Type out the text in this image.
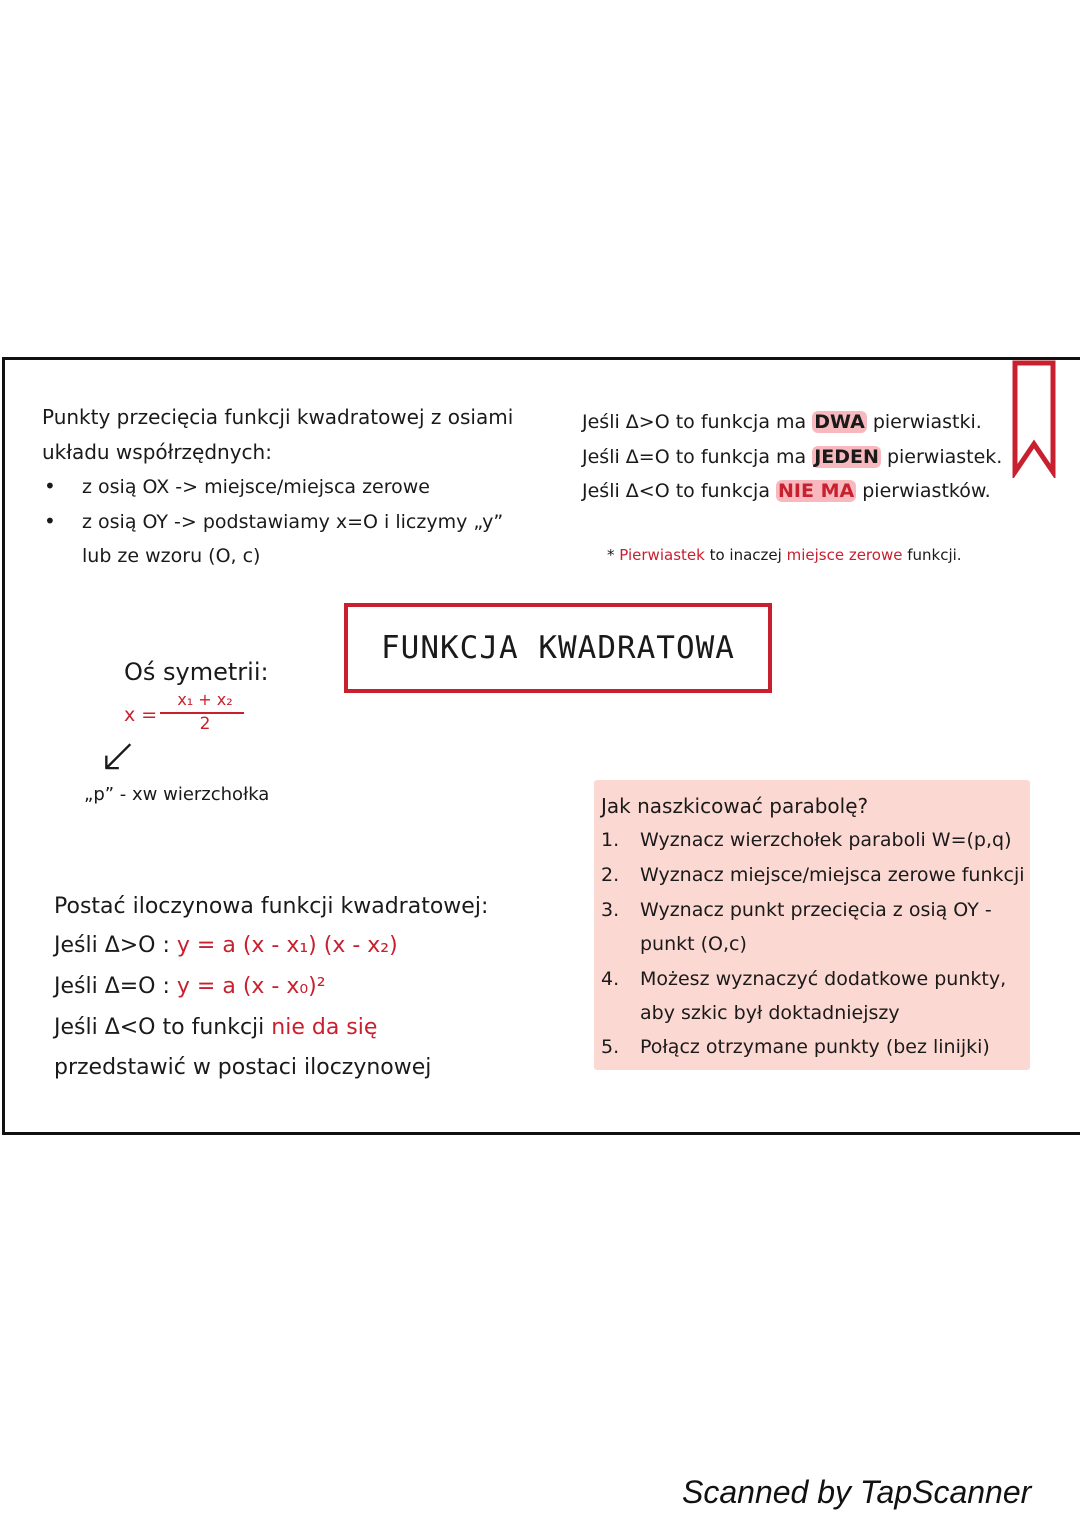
Punkty przecięcia funkcji kwadratowej z osiami
układu współrzędnych:
• z osią OX -> miejsce/miejsca zerowe
• z osią OY -> podstawiamy x=O i liczymy „y”
lub ze wzoru (O, c)
Jeśli Δ>O to funkcja ma DWA pierwiastki.
Jeśli Δ=O to funkcja ma JEDEN pierwiastek.
Jeśli Δ<O to funkcja NIE MA pierwiastków.
* Pierwiastek to inaczej miejsce zerowe funkcji.
FUNKCJA KWADRATOWA
Oś symetrii:
x =
x₁ + x₂
2
↙
„p” - xw wierzchołka	Jak naszkicować parabolę?
1. Wyznacz wierzchołek paraboli W=(p,q)
2. Wyznacz miejsce/miejsca zerowe funkcji
3. Wyznacz punkt przecięcia z osią OY -
punkt (O,c)
4. Możesz wyznaczyć dodatkowe punkty,
aby szkic był doktadniejszy
5. Połącz otrzymane punkty (bez linijki)
Postać iloczynowa funkcji kwadratowej:
Jeśli Δ>O : y = a (x - x₁) (x - x₂)
Jeśli Δ=O : y = a (x - x₀)²
Jeśli Δ<O to funkcji nie da się
przedstawić w postaci iloczynowej
Scanned by TapScanner
